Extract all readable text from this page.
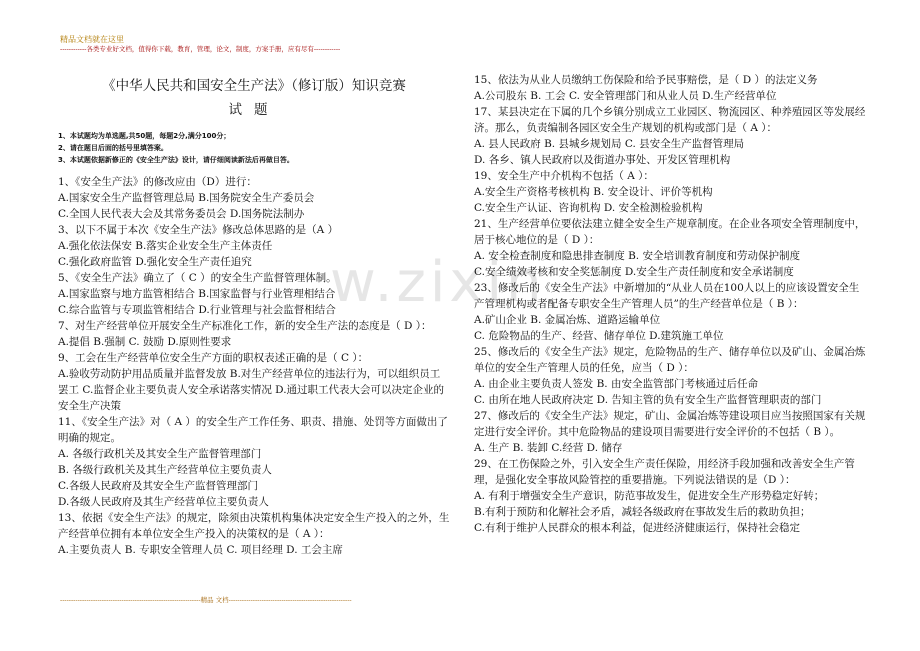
精品文档就在这里
------------各类专业好文档，值得你下载，教育，管理，论文，制度，方案手册，应有尽有------------
w.zixin

《中华人民共和国安全生产法》（修订版）知识竞赛

试题

1、本试题均为单选题,共50题，每题2分,满分100分；

2、请在题目后面的括号里填答案。

3、本试题依据新修正的《安全生产法》设计，请仔细阅读新法后再做目答。

1、《安全生产法》的修改应由（D）进行：

A.国家安全生产监督管理总局 B.国务院安全生产委员会

C.全国人民代表大会及其常务委员会 D.国务院法制办

3、以下不属于本次《安全生产法》修改总体思路的是（A ）

A.强化依法保安 B.落实企业安全生产主体责任

C.强化政府监管 D.强化安全生产责任追究

5、《安全生产法》确立了（ C ）的安全生产监督管理体制。

A.国家监察与地方监管相结合 B.国家监督与行业管理相结合

C.综合监管与专项监管相结合 D.行业管理与社会监督相结合

7、对生产经营单位开展安全生产标准化工作，新的安全生产法的态度是（ D ）：

A.提倡 B.强制 C. 鼓励 D.原则性要求

9、工会在生产经营单位安全生产方面的职权表述正确的是（ C ）：

A.验收劳动防护用品质量并监督发放 B.对生产经营单位的违法行为，可以组织员工罢工 C.监督企业主要负责人安全承诺落实情况 D.通过职工代表大会可以决定企业的安全生产决策

11、《安全生产法》对（ A ）的安全生产工作任务、职责、措施、处罚等方面做出了明确的规定。

A. 各级行政机关及其安全生产监督管理部门

B. 各级行政机关及其生产经营单位主要负责人

C.各级人民政府及其安全生产监督管理部门

D.各级人民政府及其生产经营单位主要负责人

13、依据《安全生产法》的规定，除须由决策机构集体决定安全生产投入的之外，生产经营单位拥有本单位安全生产投入的决策权的是（ A ）：

A.主要负责人 B. 专职安全管理人员 C. 项目经理 D. 工会主席

15、依法为从业人员缴纳工伤保险和给予民事赔偿，是（ D ）的法定义务

A.公司股东 B. 工会 C. 安全管理部门和从业人员 D.生产经营单位

17、某县决定在下属的几个乡镇分别成立工业园区、物流园区、种养殖园区等发展经济。那么，负责编制各园区安全生产规划的机构或部门是（ A ）：

A. 县人民政府 B. 县城乡规划局 C. 县安全生产监督管理局

D. 各乡、镇人民政府以及街道办事处、开发区管理机构

19、安全生产中介机构不包括（ A ）：

A.安全生产资格考核机构 B. 安全设计、评价等机构

C.安全生产认证、咨询机构 D. 安全检测检验机构

21、生产经营单位要依法建立健全安全生产规章制度。在企业各项安全管理制度中，居于核心地位的是（ D ）：

A. 安全检查制度和隐患排查制度 B. 安全培训教育制度和劳动保护制度

C.安全绩效考核和安全奖惩制度 D.安全生产责任制度和安全承诺制度

23、修改后的《安全生产法》中新增加的“从业人员在100人以上的应该设置安全生产管理机构或者配备专职安全生产管理人员”的生产经营单位是（ B ）：

A.矿山企业 B. 金属冶炼、道路运输单位

C. 危险物品的生产、经营、储存单位 D.建筑施工单位

25、修改后的《安全生产法》规定，危险物品的生产、储存单位以及矿山、金属冶炼单位的安全生产管理人员的任免，应当（ D ）：

A. 由企业主要负责人签发 B. 由安全监管部门考核通过后任命

C. 由所在地人民政府决定 D. 告知主管的负有安全生产监督管理职责的部门

27、修改后的《安全生产法》规定，矿山、金属冶炼等建设项目应当按照国家有关规定进行安全评价。其中危险物品的建设项目需要进行安全评价的不包括（ B ）。

A. 生产 B. 装卸 C.经营 D. 储存

29、在工伤保险之外，引入安全生产责任保险，用经济手段加强和改善安全生产管理，是强化安全事故风险管控的重要措施。下列说法错误的是（D ）：

A. 有利于增强安全生产意识，防范事故发生，促进安全生产形势稳定好转；

B.有利于预防和化解社会矛盾，减轻各级政府在事故发生后的救助负担；

C.有利于维护人民群众的根本利益，促进经济健康运行，保持社会稳定

----------------------------------------------------------------精品 文档--------------------------------------------------------
